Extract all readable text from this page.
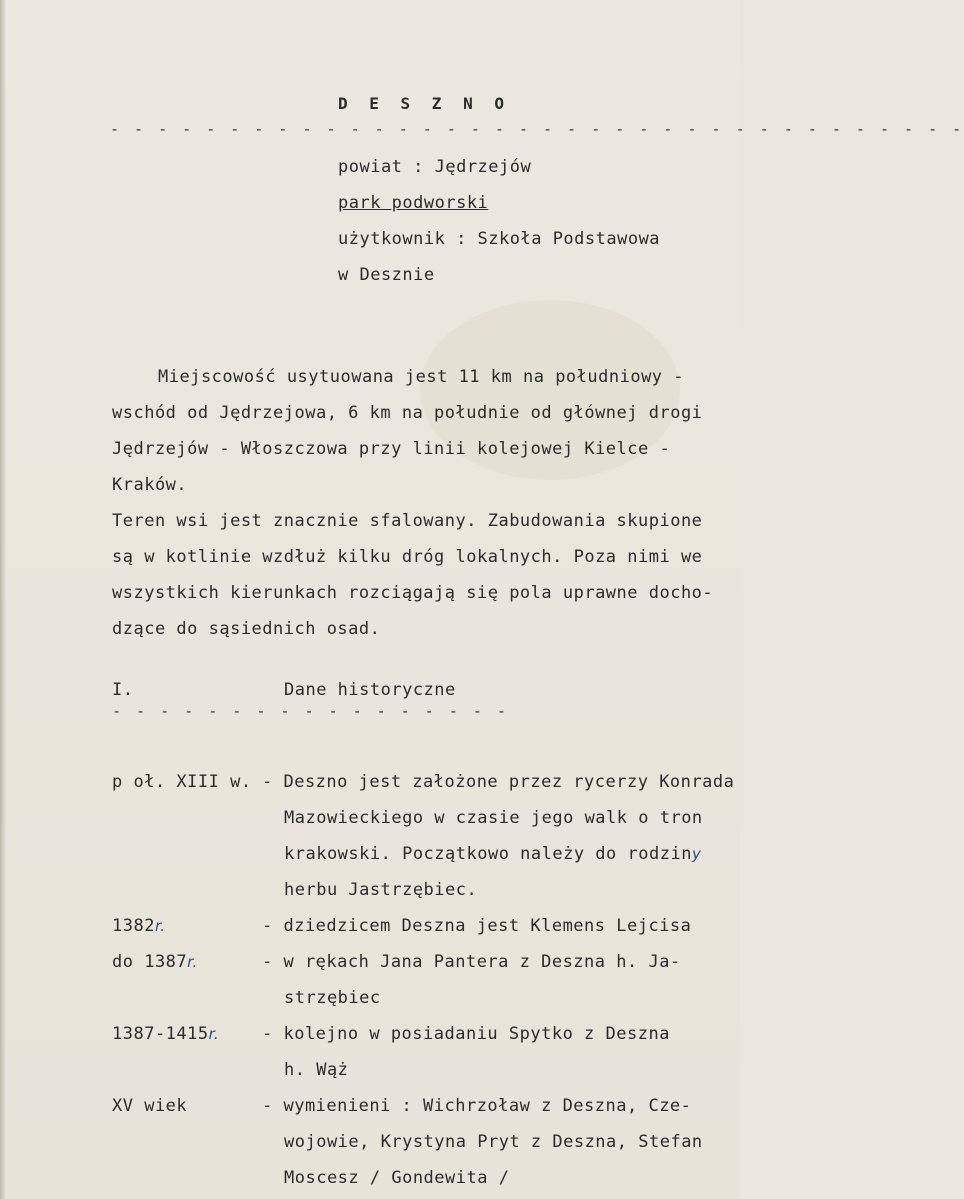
D E S Z N O
- - - - - - - - - - - - - - - - - - - - - - - - - - - - - - - - - - - -
powiat : Jędrzejów
park podworski
użytkownik : Szkoła Podstawowa
w Desznie
Miejscowość usytuowana jest 11 km na południowy -
wschód od Jędrzejowa, 6 km na południe od głównej drogi
Jędrzejów - Włoszczowa przy linii kolejowej Kielce -
Kraków.
Teren wsi jest znacznie sfalowany. Zabudowania skupione
są w kotlinie wzdłuż kilku dróg lokalnych. Poza nimi we
wszystkich kierunkach rozciągają się pola uprawne docho-
dzące do sąsiednich osad.
I.	Dane historyczne
- - - - - - - - - - - - - - - - -
p oł. XIII w. - Deszno jest założone przez rycerzy Konrada
Mazowieckiego w czasie jego walk o tron
krakowski. Początkowo należy do rodziny
herbu Jastrzębiec.
1382r.	- dziedzicem Deszna jest Klemens Lejcisa
do 1387r.	- w rękach Jana Pantera z Deszna h. Ja-
strzębiec
1387-1415r.	- kolejno w posiadaniu Spytko z Deszna
h. Wąż
XV wiek	- wymienieni : Wichrzoław z Deszna, Cze-
wojowie, Krystyna Pryt z Deszna, Stefan
Moscesz / Gondewita /
